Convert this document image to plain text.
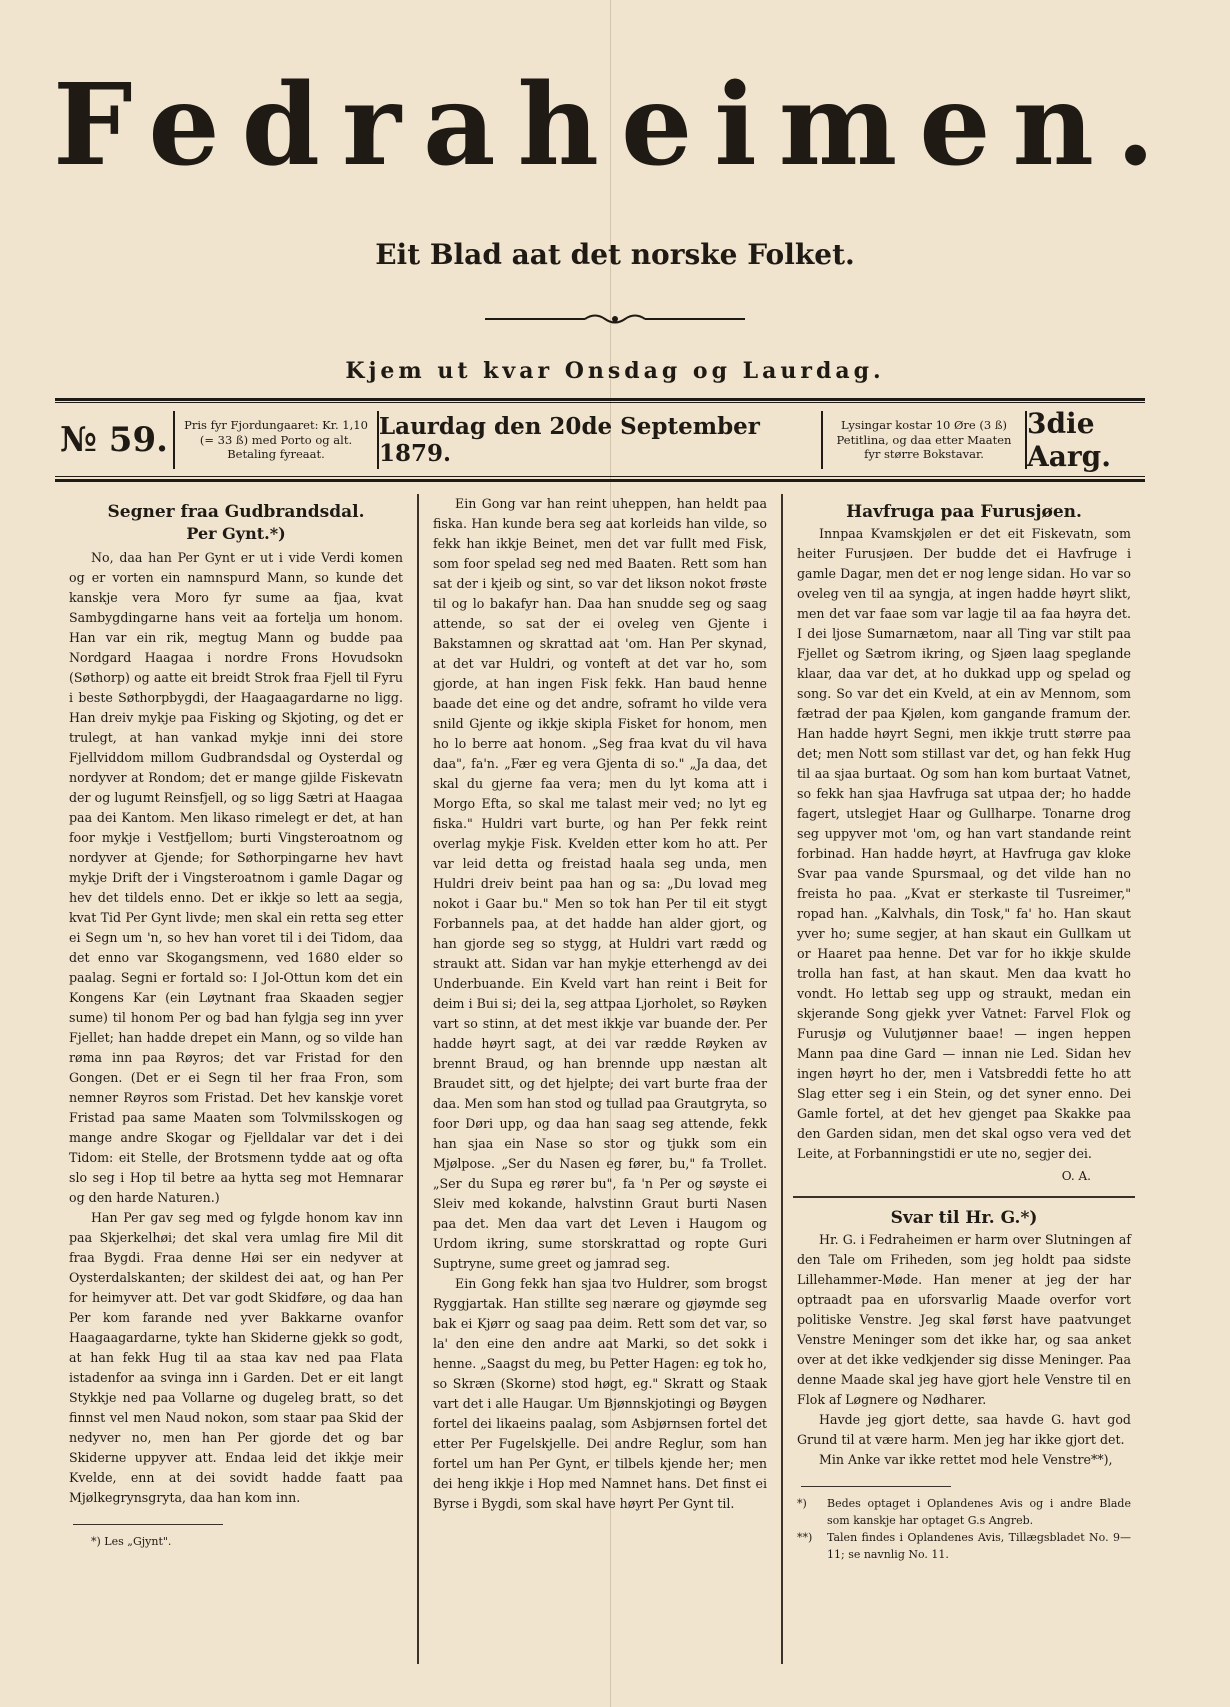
Fedraheimen.
Eit Blad aat det norske Folket.
Kjem ut kvar Onsdag og Laurdag.
№ 59.	Pris fyr Fjordungaaret: Kr. 1,10 (= 33 ß) med Porto og alt. Betaling fyreaat.
Laurdag den 20de September 1879.
Lysingar kostar 10 Øre (3 ß) Petitlina, og daa etter Maaten fyr større Bokstavar.
3die Aarg.
Segner fraa Gudbrandsdal.
Per Gynt.*)

No, daa han Per Gynt er ut i vide Verdi komen og er vorten ein namnspurd Mann, so kunde det kanskje vera Moro fyr sume aa fjaa, kvat Sambygdingarne hans veit aa fortelja um honom. Han var ein rik, megtug Mann og budde paa Nordgard Haagaa i nordre Frons Hovudsokn (Søthorp) og aatte eit breidt Strok fraa Fjell til Fyru i beste Søthorpbygdi, der Haagaagardarne no ligg. Han dreiv mykje paa Fisking og Skjoting, og det er trulegt, at han vankad mykje inni dei store Fjellviddom millom Gudbrandsdal og Oysterdal og nordyver at Rondom; det er mange gjilde Fiskevatn der og lugumt Reinsfjell, og so ligg Sætri at Haagaa paa dei Kantom. Men likaso rimelegt er det, at han foor mykje i Vestfjellom; burti Vingsteroatnom og nordyver at Gjende; for Søthorpingarne hev havt mykje Drift der i Vingsteroatnom i gamle Dagar og hev det tildels enno. Det er ikkje so lett aa segja, kvat Tid Per Gynt livde; men skal ein retta seg etter ei Segn um 'n, so hev han voret til i dei Tidom, daa det enno var Skogangsmenn, ved 1680 elder so paalag. Segni er fortald so: I Jol-Ottun kom det ein Kongens Kar (ein Løytnant fraa Skaaden segjer sume) til honom Per og bad han fylgja seg inn yver Fjellet; han hadde drepet ein Mann, og so vilde han røma inn paa Røyros; det var Fristad for den Gongen. (Det er ei Segn til her fraa Fron, som nemner Røyros som Fristad. Det hev kanskje voret Fristad paa same Maaten som Tolvmilsskogen og mange andre Skogar og Fjelldalar var det i dei Tidom: eit Stelle, der Brotsmenn tydde aat og ofta slo seg i Hop til betre aa hytta seg mot Hemnarar og den harde Naturen.)

Han Per gav seg med og fylgde honom kav inn paa Skjerkelhøi; det skal vera umlag fire Mil dit fraa Bygdi. Fraa denne Høi ser ein nedyver at Oysterdalskanten; der skildest dei aat, og han Per for heimyver att. Det var godt Skidføre, og daa han Per kom farande ned yver Bakkarne ovanfor Haagaagardarne, tykte han Skiderne gjekk so godt, at han fekk Hug til aa staa kav ned paa Flata istadenfor aa svinga inn i Garden. Det er eit langt Stykkje ned paa Vollarne og dugeleg bratt, so det finnst vel men Naud nokon, som staar paa Skid der nedyver no, men han Per gjorde det og bar Skiderne uppyver att. Endaa leid det ikkje meir Kvelde, enn at dei sovidt hadde faatt paa Mjølkegrynsgryta, daa han kom inn.

*) Les „Gjynt".

Ein Gong var han reint uheppen, han heldt paa fiska. Han kunde bera seg aat korleids han vilde, so fekk han ikkje Beinet, men det var fullt med Fisk, som foor spelad seg ned med Baaten. Rett som han sat der i kjeib og sint, so var det likson nokot frøste til og lo bakafyr han. Daa han snudde seg og saag attende, so sat der ei oveleg ven Gjente i Bakstamnen og skrattad aat 'om. Han Per skynad, at det var Huldri, og vonteft at det var ho, som gjorde, at han ingen Fisk fekk. Han baud henne baade det eine og det andre, soframt ho vilde vera snild Gjente og ikkje skipla Fisket for honom, men ho lo berre aat honom. „Seg fraa kvat du vil hava daa", fa'n. „Fær eg vera Gjenta di so." „Ja daa, det skal du gjerne faa vera; men du lyt koma att i Morgo Efta, so skal me talast meir ved; no lyt eg fiska." Huldri vart burte, og han Per fekk reint overlag mykje Fisk. Kvelden etter kom ho att. Per var leid detta og freistad haala seg unda, men Huldri dreiv beint paa han og sa: „Du lovad meg nokot i Gaar bu." Men so tok han Per til eit stygt Forbannels paa, at det hadde han alder gjort, og han gjorde seg so stygg, at Huldri vart rædd og straukt att. Sidan var han mykje etterhengd av dei Underbuande. Ein Kveld vart han reint i Beit for deim i Bui si; dei la, seg attpaa Ljorholet, so Røyken vart so stinn, at det mest ikkje var buande der. Per hadde høyrt sagt, at dei var rædde Røyken av brennt Braud, og han brennde upp næstan alt Braudet sitt, og det hjelpte; dei vart burte fraa der daa. Men som han stod og tullad paa Grautgryta, so foor Døri upp, og daa han saag seg attende, fekk han sjaa ein Nase so stor og tjukk som ein Mjølpose. „Ser du Nasen eg fører, bu," fa Trollet. „Ser du Supa eg rører bu", fa 'n Per og søyste ei Sleiv med kokande, halvstinn Graut burti Nasen paa det. Men daa vart det Leven i Haugom og Urdom ikring, sume storskrattad og ropte Guri Suptryne, sume greet og jamrad seg.

Ein Gong fekk han sjaa tvo Huldrer, som brogst Ryggjartak. Han stillte seg nærare og gjøymde seg bak ei Kjørr og saag paa deim. Rett som det var, so la' den eine den andre aat Marki, so det sokk i henne. „Saagst du meg, bu Petter Hagen: eg tok ho, so Skræn (Skorne) stod høgt, eg." Skratt og Staak vart det i alle Haugar. Um Bjønnskjotingi og Bøygen fortel dei likaeins paalag, som Asbjørnsen fortel det etter Per Fugelskjelle. Dei andre Reglur, som han fortel um han Per Gynt, er tilbels kjende her; men dei heng ikkje i Hop med Namnet hans. Det finst ei Byrse i Bygdi, som skal have høyrt Per Gynt til.

Havfrugа paa Furusjøen.

Innpaa Kvamskjølen er det eit Fiskevatn, som heiter Furusjøen. Der budde det ei Havfruge i gamle Dagar, men det er nog lenge sidan. Ho var so oveleg ven til aa syngja, at ingen hadde høyrt slikt, men det var faae som var lagje til aa faa høyra det. I dei ljose Sumarnætom, naar all Ting var stilt paa Fjellet og Sætrom ikring, og Sjøen laag speglande klaar, daa var det, at ho dukkad upp og spelad og song. So var det ein Kveld, at ein av Mennom, som fætrad der paa Kjølen, kom gangande framum der. Han hadde høyrt Segni, men ikkje trutt større paa det; men Nott som stillast var det, og han fekk Hug til aa sjaa burtaat. Og som han kom burtaat Vatnet, so fekk han sjaa Havfruga sat utpaa der; ho hadde fagert, utslegjet Haar og Gullharpe. Tonarne drog seg uppyver mot 'om, og han vart standande reint forbinad. Han hadde høyrt, at Havfruga gav klokе Svar paa vande Spursmaal, og det vilde han no freista ho paa. „Kvat er sterkaste til Tusreimer," ropad han. „Kalvhals, din Tosk," fa' ho. Han skaut yver ho; sume segjer, at han skaut ein Gullkam ut or Haaret paa henne. Det var for ho ikkje skulde trolla han fast, at han skaut. Men daa kvatt ho vondt. Ho lettab seg upp og straukt, medan ein skjerande Song gjekk yver Vatnet: Farvel Flok og Furusjø og Vulutjønner baae! — ingen heppen Mann paa dine Gard — innan nie Led. Sidan hev ingen høyrt ho der, men i Vatsbreddi fette ho att Slag etter seg i ein Stein, og det syner enno. Dei Gamle fortel, at det hev gjenget paa Skakke paa den Garden sidan, men det skal ogso vera ved det Leite, at Forbanningstidi er ute no, segjer dei.

O. A.
Svar til Hr. G.*)

Hr. G. i Fedraheimen er harm over Slutningen af den Tale om Friheden, som jeg holdt paa sidste Lillehammer-Møde. Han mener at jeg der har optraadt paa en uforsvarlig Maade overfor vort politiske Venstre. Jeg skal først have paatvunget Venstre Meninger som det ikke har, og saa anket over at det ikke vedkjender sig disse Meninger. Paa denne Maade skal jeg have gjort hele Venstre til en Flok af Løgnere og Nødharer.

Havde jeg gjort dette, saa havde G. havt god Grund til at være harm. Men jeg har ikke gjort det.

Min Anke var ikke rettet mod hele Venstre**),

*)	Bedes optaget i Oplandenes Avis og i andre Blade som kanskje har optaget G.s Angreb.
**)	Talen findes i Oplandenes Avis, Tillægsbladet No. 9—11; se navnlig No. 11.
